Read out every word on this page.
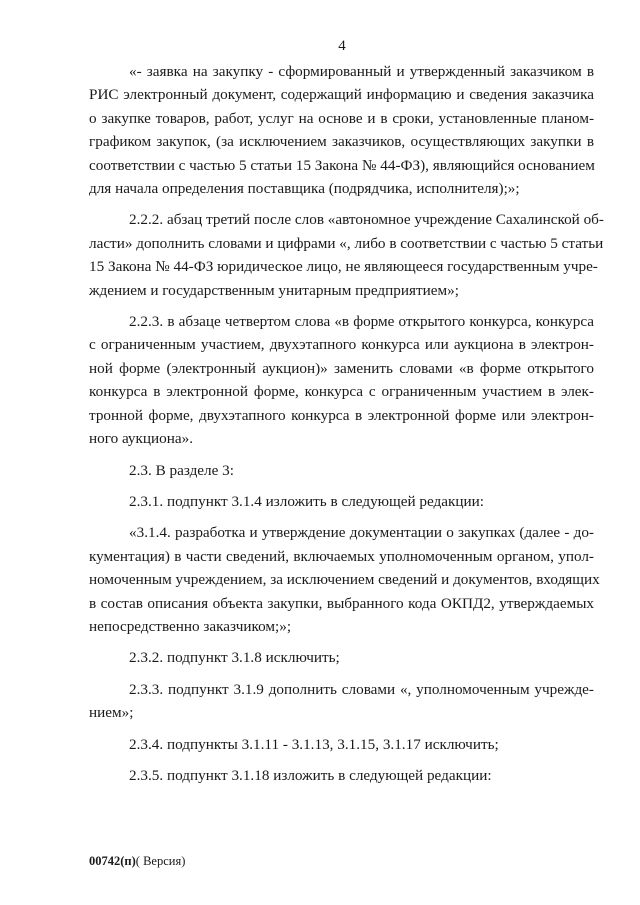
4
«- заявка на закупку - сформированный и утвержденный заказчиком в
РИС электронный документ, содержащий информацию и сведения заказчика
о закупке товаров, работ, услуг на основе и в сроки, установленные планом-
графиком закупок, (за исключением заказчиков, осуществляющих закупки в
соответствии с частью 5 статьи 15 Закона № 44-ФЗ), являющийся основанием
для начала определения поставщика (подрядчика, исполнителя);»;
2.2.2. абзац третий после слов «автономное учреждение Сахалинской об-
ласти» дополнить словами и цифрами «, либо в соответствии с частью 5 статьи
15 Закона № 44-ФЗ юридическое лицо, не являющееся государственным учре-
ждением и государственным унитарным предприятием»;
2.2.3. в абзаце четвертом слова «в форме открытого конкурса, конкурса
с ограниченным участием, двухэтапного конкурса или аукциона в электрон-
ной форме (электронный аукцион)» заменить словами «в форме открытого
конкурса в электронной форме, конкурса с ограниченным участием в элек-
тронной форме, двухэтапного конкурса в электронной форме или электрон-
ного аукциона».
2.3. В разделе 3:
2.3.1. подпункт 3.1.4 изложить в следующей редакции:
«3.1.4. разработка и утверждение документации о закупках (далее - до-
кументация) в части сведений, включаемых уполномоченным органом, упол-
номоченным учреждением, за исключением сведений и документов, входящих
в состав описания объекта закупки, выбранного кода ОКПД2, утверждаемых
непосредственно заказчиком;»;
2.3.2. подпункт 3.1.8 исключить;
2.3.3. подпункт 3.1.9 дополнить словами «, уполномоченным учрежде-
нием»;
2.3.4. подпункты 3.1.11 - 3.1.13, 3.1.15, 3.1.17 исключить;
2.3.5. подпункт 3.1.18 изложить в следующей редакции:
00742(п)( Версия)
